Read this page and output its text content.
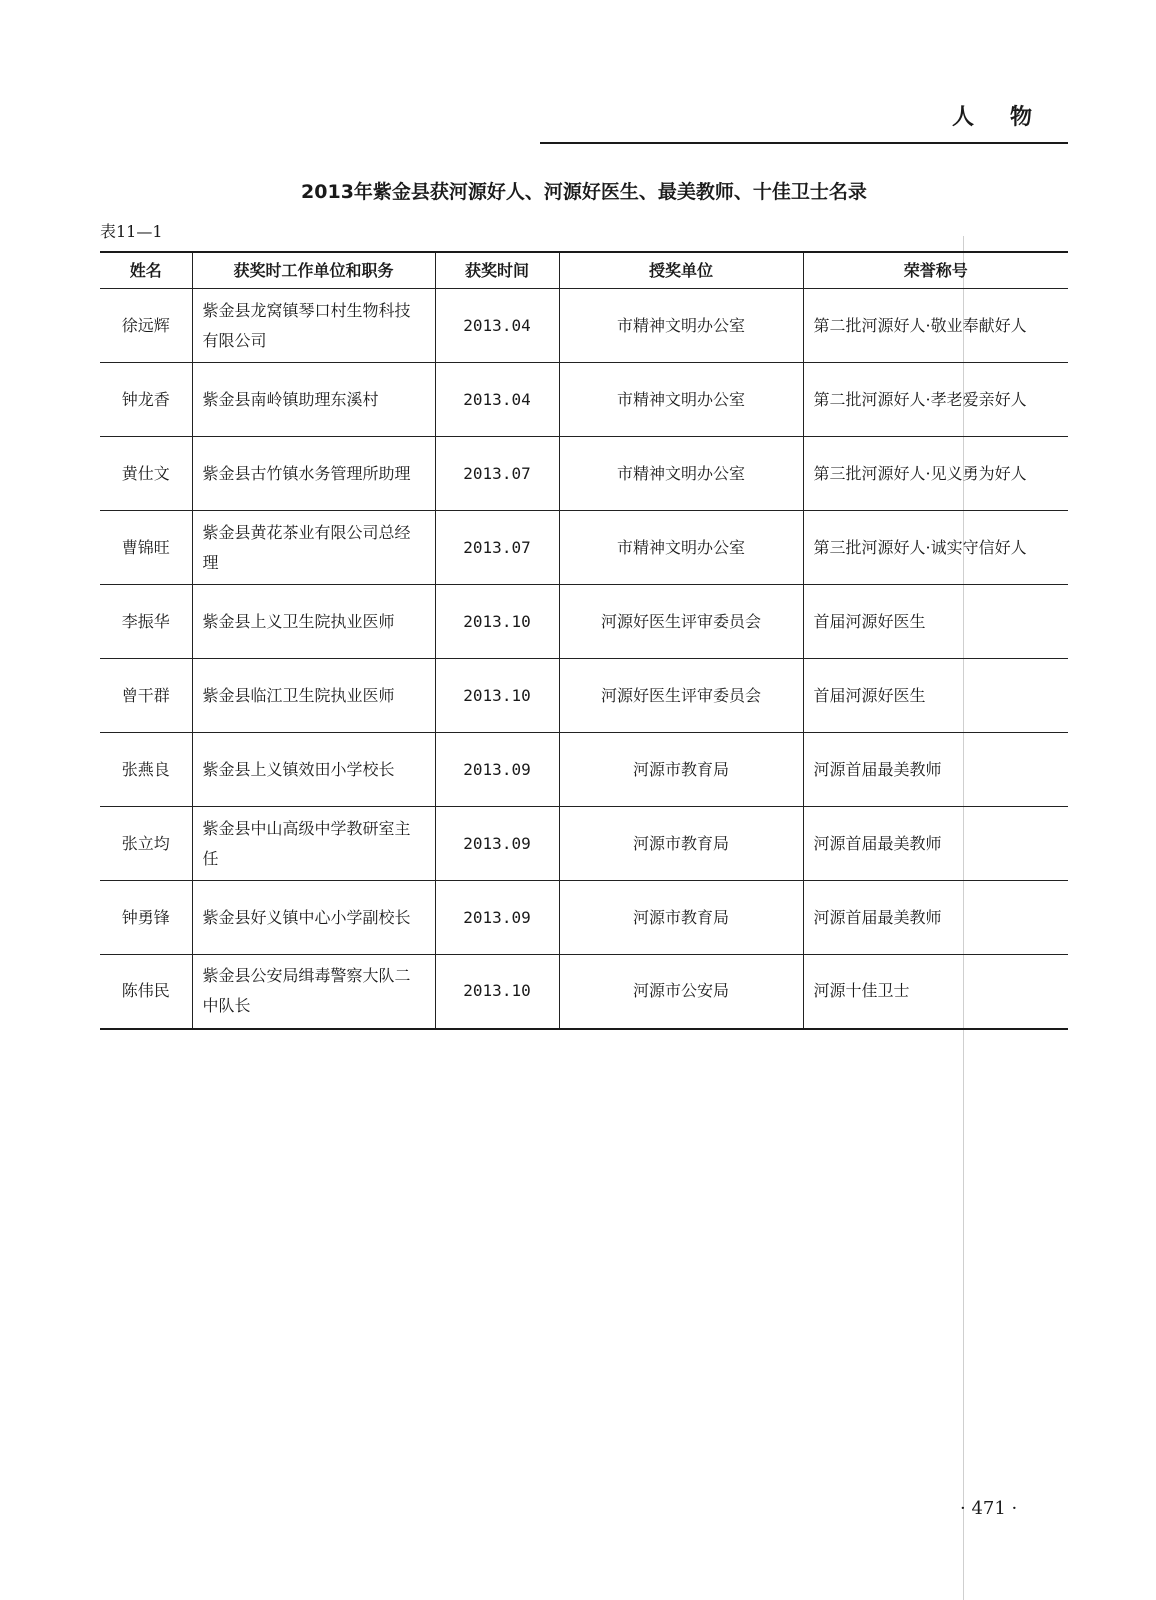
人物
2013年紫金县获河源好人、河源好医生、最美教师、十佳卫士名录
表11—1
姓名	获奖时工作单位和职务	获奖时间	授奖单位	荣誉称号
徐远辉	紫金县龙窝镇琴口村生物科技有限公司	2013.04	市精神文明办公室	第二批河源好人·敬业奉献好人
钟龙香	紫金县南岭镇助理东溪村	2013.04	市精神文明办公室	第二批河源好人·孝老爱亲好人
黄仕文	紫金县古竹镇水务管理所助理	2013.07	市精神文明办公室	第三批河源好人·见义勇为好人
曹锦旺	紫金县黄花茶业有限公司总经理	2013.07	市精神文明办公室	第三批河源好人·诚实守信好人
李振华	紫金县上义卫生院执业医师	2013.10	河源好医生评审委员会	首届河源好医生
曾干群	紫金县临江卫生院执业医师	2013.10	河源好医生评审委员会	首届河源好医生
张燕良	紫金县上义镇效田小学校长	2013.09	河源市教育局	河源首届最美教师
张立均	紫金县中山高级中学教研室主任	2013.09	河源市教育局	河源首届最美教师
钟勇锋	紫金县好义镇中心小学副校长	2013.09	河源市教育局	河源首届最美教师
陈伟民	紫金县公安局缉毒警察大队二中队长	2013.10	河源市公安局	河源十佳卫士
· 471 ·
